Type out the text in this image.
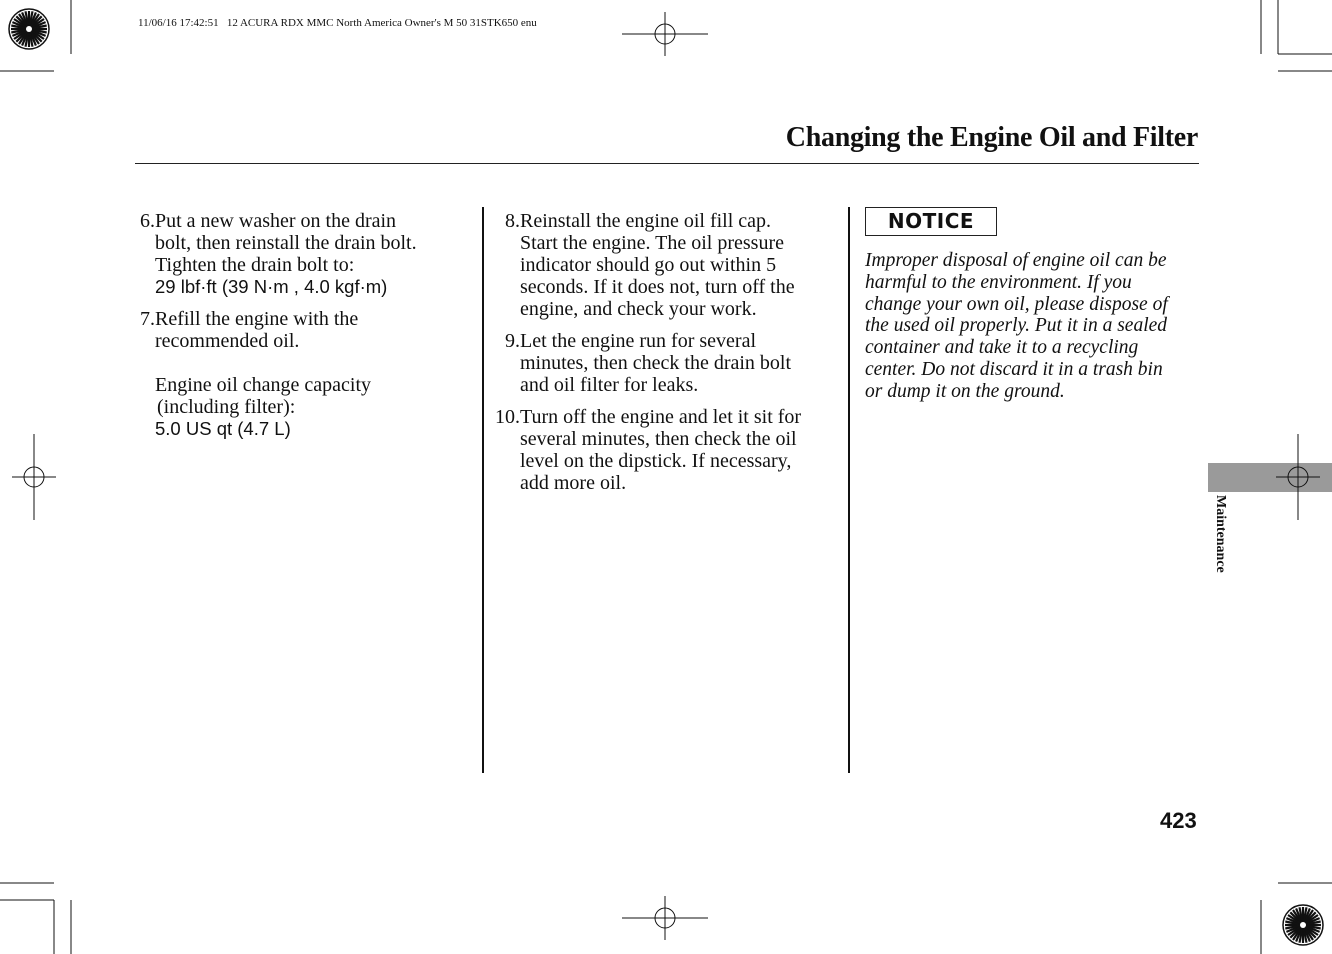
11/06/16 17:42:51   12 ACURA RDX MMC North America Owner's M 50 31STK650 enu
Changing the Engine Oil and Filter
6. Put a new washer on the drain
bolt, then reinstall the drain bolt.
Tighten the drain bolt to:
29 lbf·ft (39 N·m , 4.0 kgf·m)
7. Refill the engine with the
recommended oil.
Engine oil change capacity
(including filter):
5.0 US qt (4.7 L)
8. Reinstall the engine oil fill cap.
Start the engine. The oil pressure
indicator should go out within 5
seconds. If it does not, turn off the
engine, and check your work.
9. Let the engine run for several
minutes, then check the drain bolt
and oil filter for leaks.
10. Turn off the engine and let it sit for
several minutes, then check the oil
level on the dipstick. If necessary,
add more oil.
NOTICE
Improper disposal of engine oil can be
harmful to the environment. If you
change your own oil, please dispose of
the used oil properly. Put it in a sealed
container and take it to a recycling
center. Do not discard it in a trash bin
or dump it on the ground.
Maintenance
423
